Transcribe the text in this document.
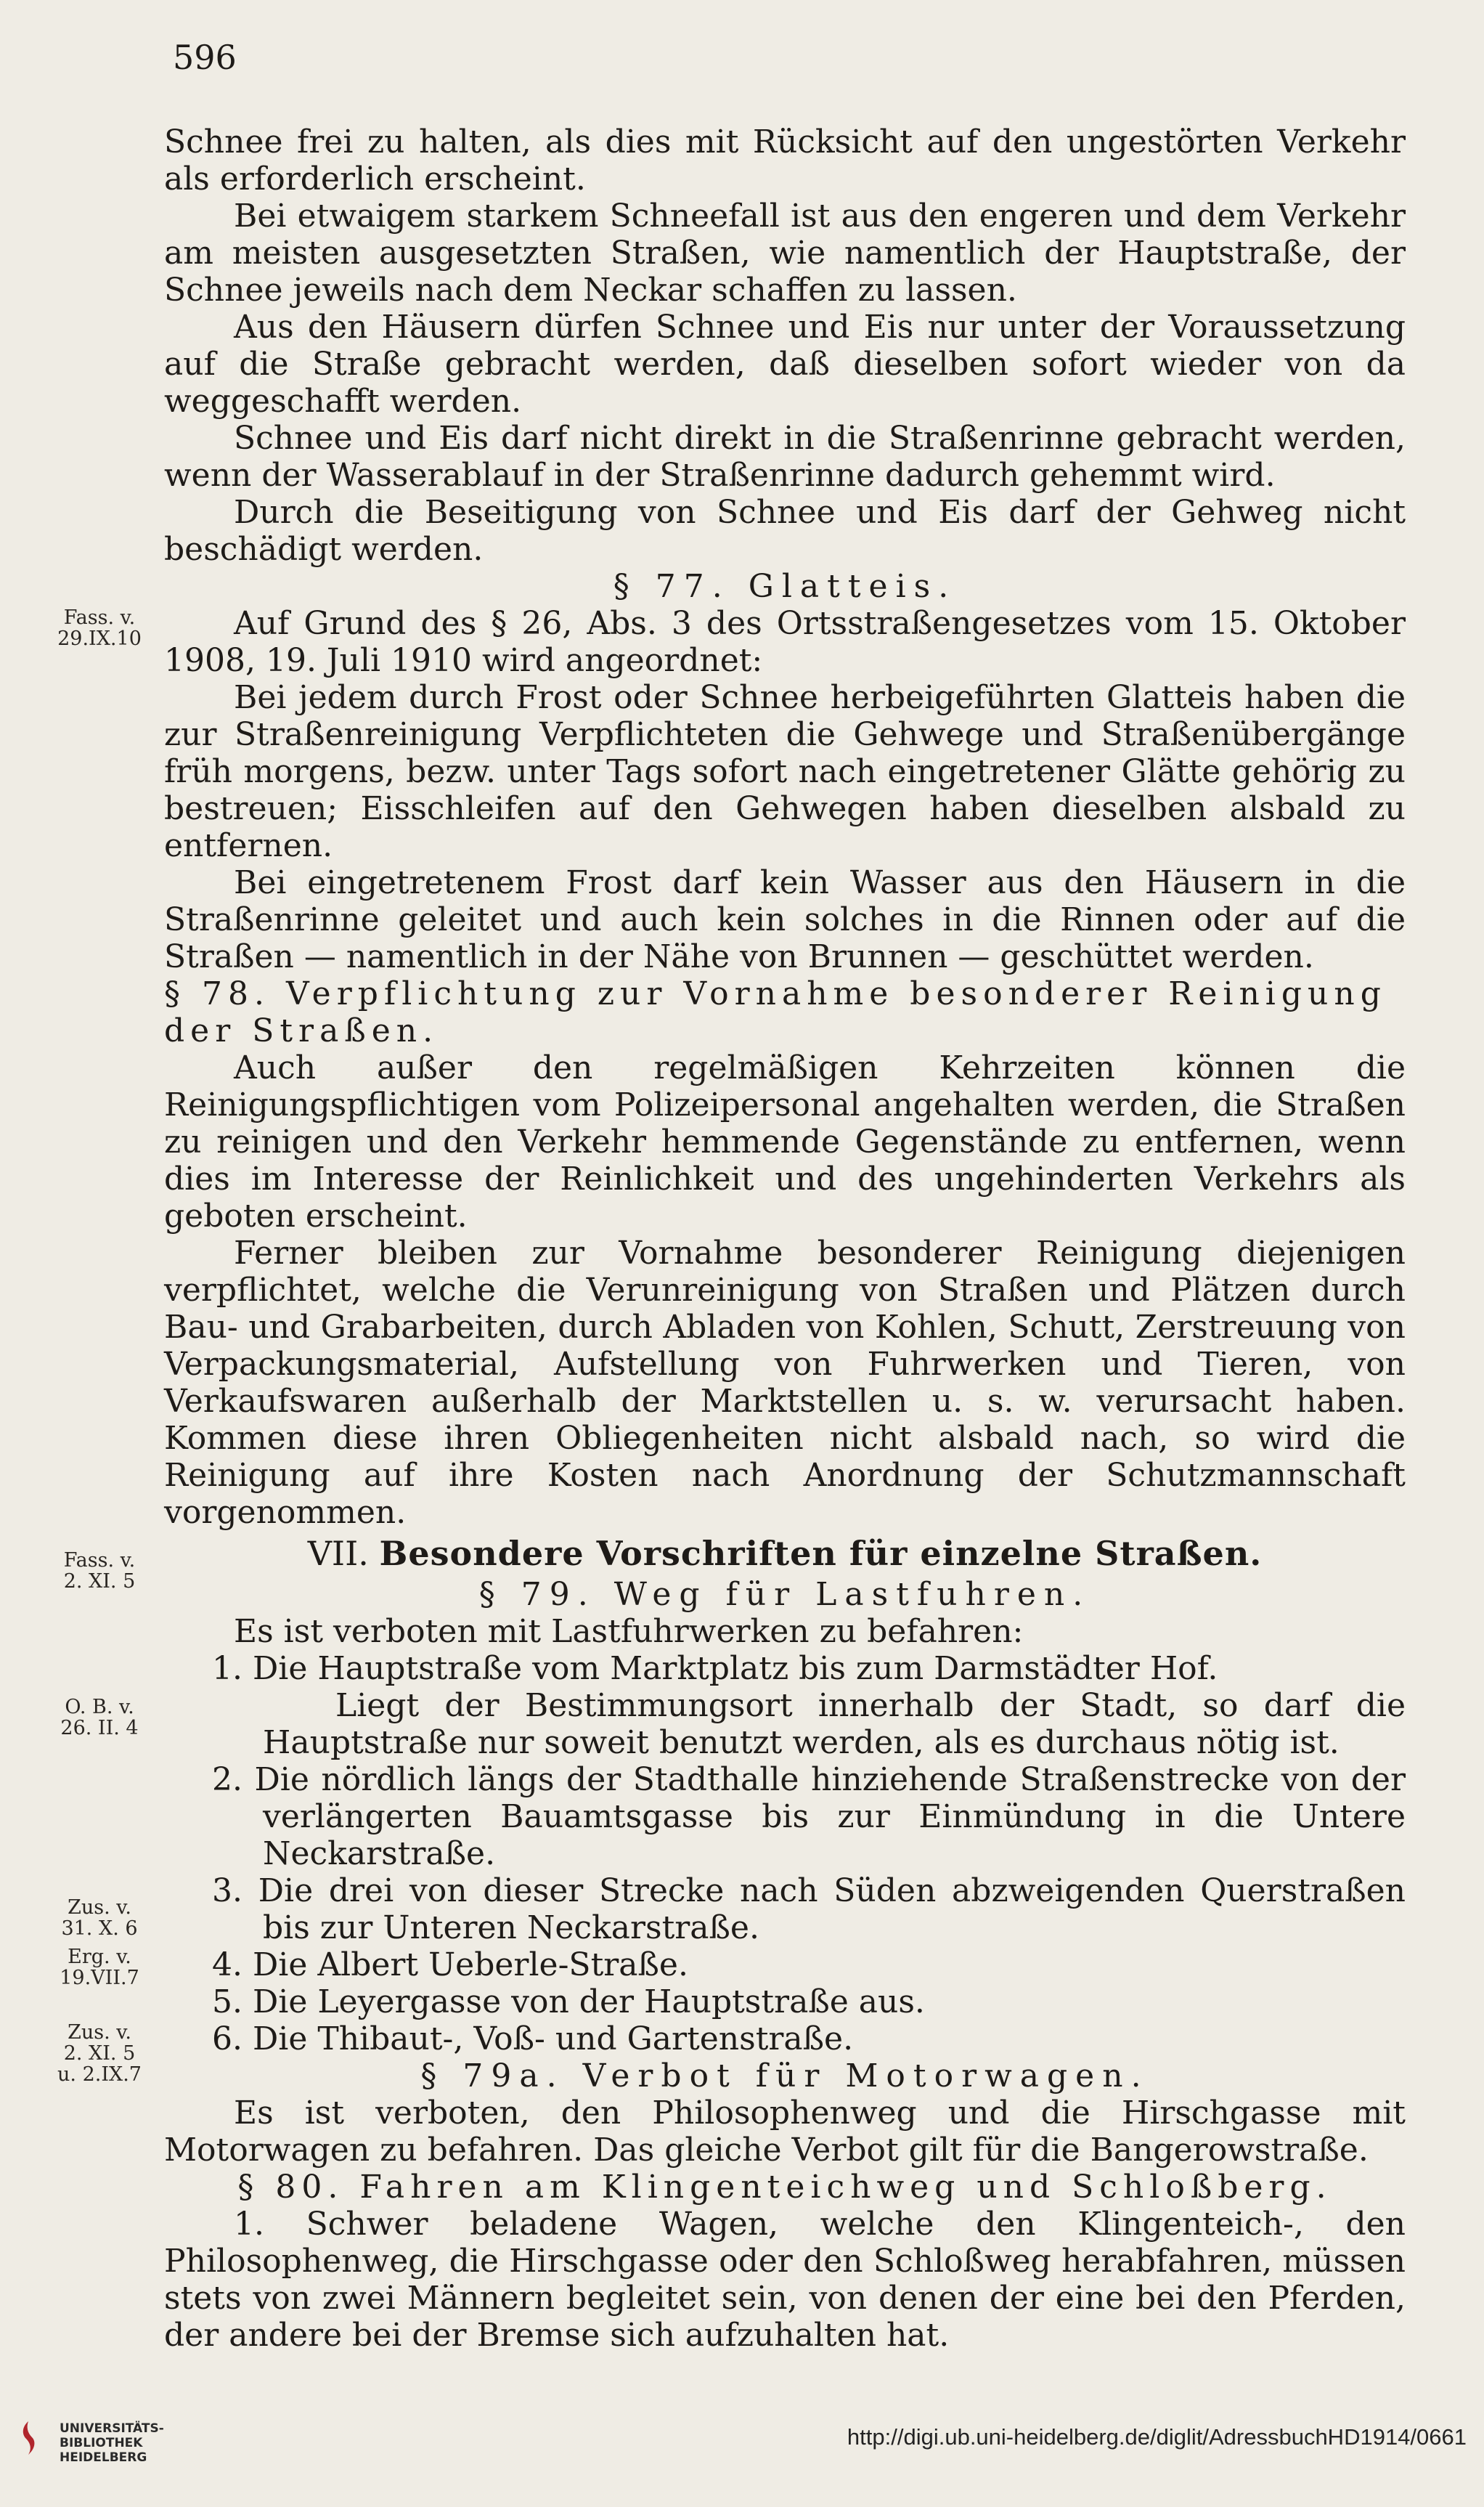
596

Schnee frei zu halten, als dies mit Rücksicht auf den ungestörten Verkehr als erforderlich erscheint.

Bei etwaigem starkem Schneefall ist aus den engeren und dem Verkehr am meisten ausgesetzten Straßen, wie namentlich der Hauptstraße, der Schnee jeweils nach dem Neckar schaffen zu lassen.

Aus den Häusern dürfen Schnee und Eis nur unter der Voraussetzung auf die Straße gebracht werden, daß dieselben sofort wieder von da weggeschafft werden.

Schnee und Eis darf nicht direkt in die Straßenrinne gebracht werden, wenn der Wasserablauf in der Straßenrinne dadurch gehemmt wird.

Durch die Beseitigung von Schnee und Eis darf der Gehweg nicht beschädigt werden.

§ 77. Glatteis.

Auf Grund des § 26, Abs. 3 des Ortsstraßengesetzes vom 15. Oktober 1908, 19. Juli 1910 wird angeordnet:

Bei jedem durch Frost oder Schnee herbeigeführten Glatteis haben die zur Straßenreinigung Verpflichteten die Gehwege und Straßenübergänge früh morgens, bezw. unter Tags sofort nach eingetretener Glätte gehörig zu bestreuen; Eisschleifen auf den Gehwegen haben dieselben alsbald zu entfernen.

Bei eingetretenem Frost darf kein Wasser aus den Häusern in die Straßenrinne geleitet und auch kein solches in die Rinnen oder auf die Straßen — namentlich in der Nähe von Brunnen — geschüttet werden.

§ 78. Verpflichtung zur Vornahme besonderer Reinigung der Straßen.

Auch außer den regelmäßigen Kehrzeiten können die Reinigungspflichtigen vom Polizeipersonal angehalten werden, die Straßen zu reinigen und den Verkehr hemmende Gegenstände zu entfernen, wenn dies im Interesse der Reinlichkeit und des ungehinderten Verkehrs als geboten erscheint.

Ferner bleiben zur Vornahme besonderer Reinigung diejenigen verpflichtet, welche die Verunreinigung von Straßen und Plätzen durch Bau- und Grabarbeiten, durch Abladen von Kohlen, Schutt, Zerstreuung von Verpackungsmaterial, Aufstellung von Fuhrwerken und Tieren, von Verkaufswaren außerhalb der Marktstellen u. s. w. verursacht haben. Kommen diese ihren Obliegenheiten nicht alsbald nach, so wird die Reinigung auf ihre Kosten nach Anordnung der Schutzmannschaft vorgenommen.

VII. Besondere Vorschriften für einzelne Straßen.

§ 79. Weg für Lastfuhren.

Es ist verboten mit Lastfuhrwerken zu befahren:

1. Die Hauptstraße vom Marktplatz bis zum Darmstädter Hof.

Liegt der Bestimmungsort innerhalb der Stadt, so darf die Hauptstraße nur soweit benutzt werden, als es durchaus nötig ist.

2. Die nördlich längs der Stadthalle hinziehende Straßenstrecke von der verlängerten Bauamtsgasse bis zur Einmündung in die Untere Neckarstraße.

3. Die drei von dieser Strecke nach Süden abzweigenden Querstraßen bis zur Unteren Neckarstraße.

4. Die Albert Ueberle-Straße.

5. Die Leyergasse von der Hauptstraße aus.

6. Die Thibaut-, Voß- und Gartenstraße.

§ 79a. Verbot für Motorwagen.

Es ist verboten, den Philosophenweg und die Hirschgasse mit Motorwagen zu befahren. Das gleiche Verbot gilt für die Bangerowstraße.

§ 80. Fahren am Klingenteichweg und Schloßberg.

1. Schwer beladene Wagen, welche den Klingenteich-, den Philosophenweg, die Hirschgasse oder den Schloßweg herabfahren, müssen stets von zwei Männern begleitet sein, von denen der eine bei den Pferden, der andere bei der Bremse sich aufzuhalten hat.

Fass. v.
29.IX.10
Fass. v.
2. XI. 5
O. B. v.
26. II. 4
Zus. v.
31. X. 6
Erg. v.
19.VII.7
Zus. v.
2. XI. 5
u. 2.IX.7
UNIVERSITÄTS-
BIBLIOTHEK
HEIDELBERG
http://digi.ub.uni-heidelberg.de/diglit/AdressbuchHD1914/0661
